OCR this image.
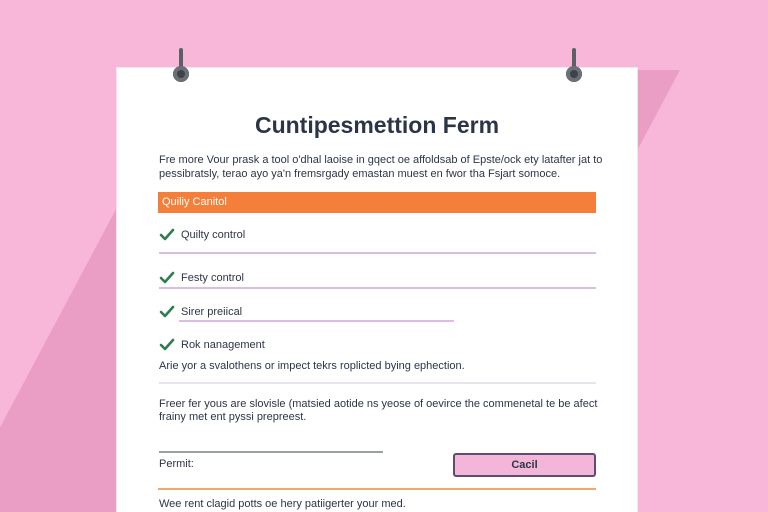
Cuntipesmettion Ferm
Fre more Vour prask a tool o'dhal laoise in gqect oe affoldsab of Epste/ock ety latafter jat to
pessibratsly, terao ayo ya'n fremsrgady emastan muest en fwor tha Fsjart somoce.
Quiliy Canitol
Quilty control
Festy control
Sirer preiical
Rok nanagement
Arie yor a svalothens or impect tekrs roplicted bying ephection.
Freer fer yous are slovisle (matsied aotide ns yeose of oevirce the commenetal te be afect
frainy met ent pyssi prepreest.
Permit:	Cacil
Wee rent clagid potts oe hery patiigerter your med.
